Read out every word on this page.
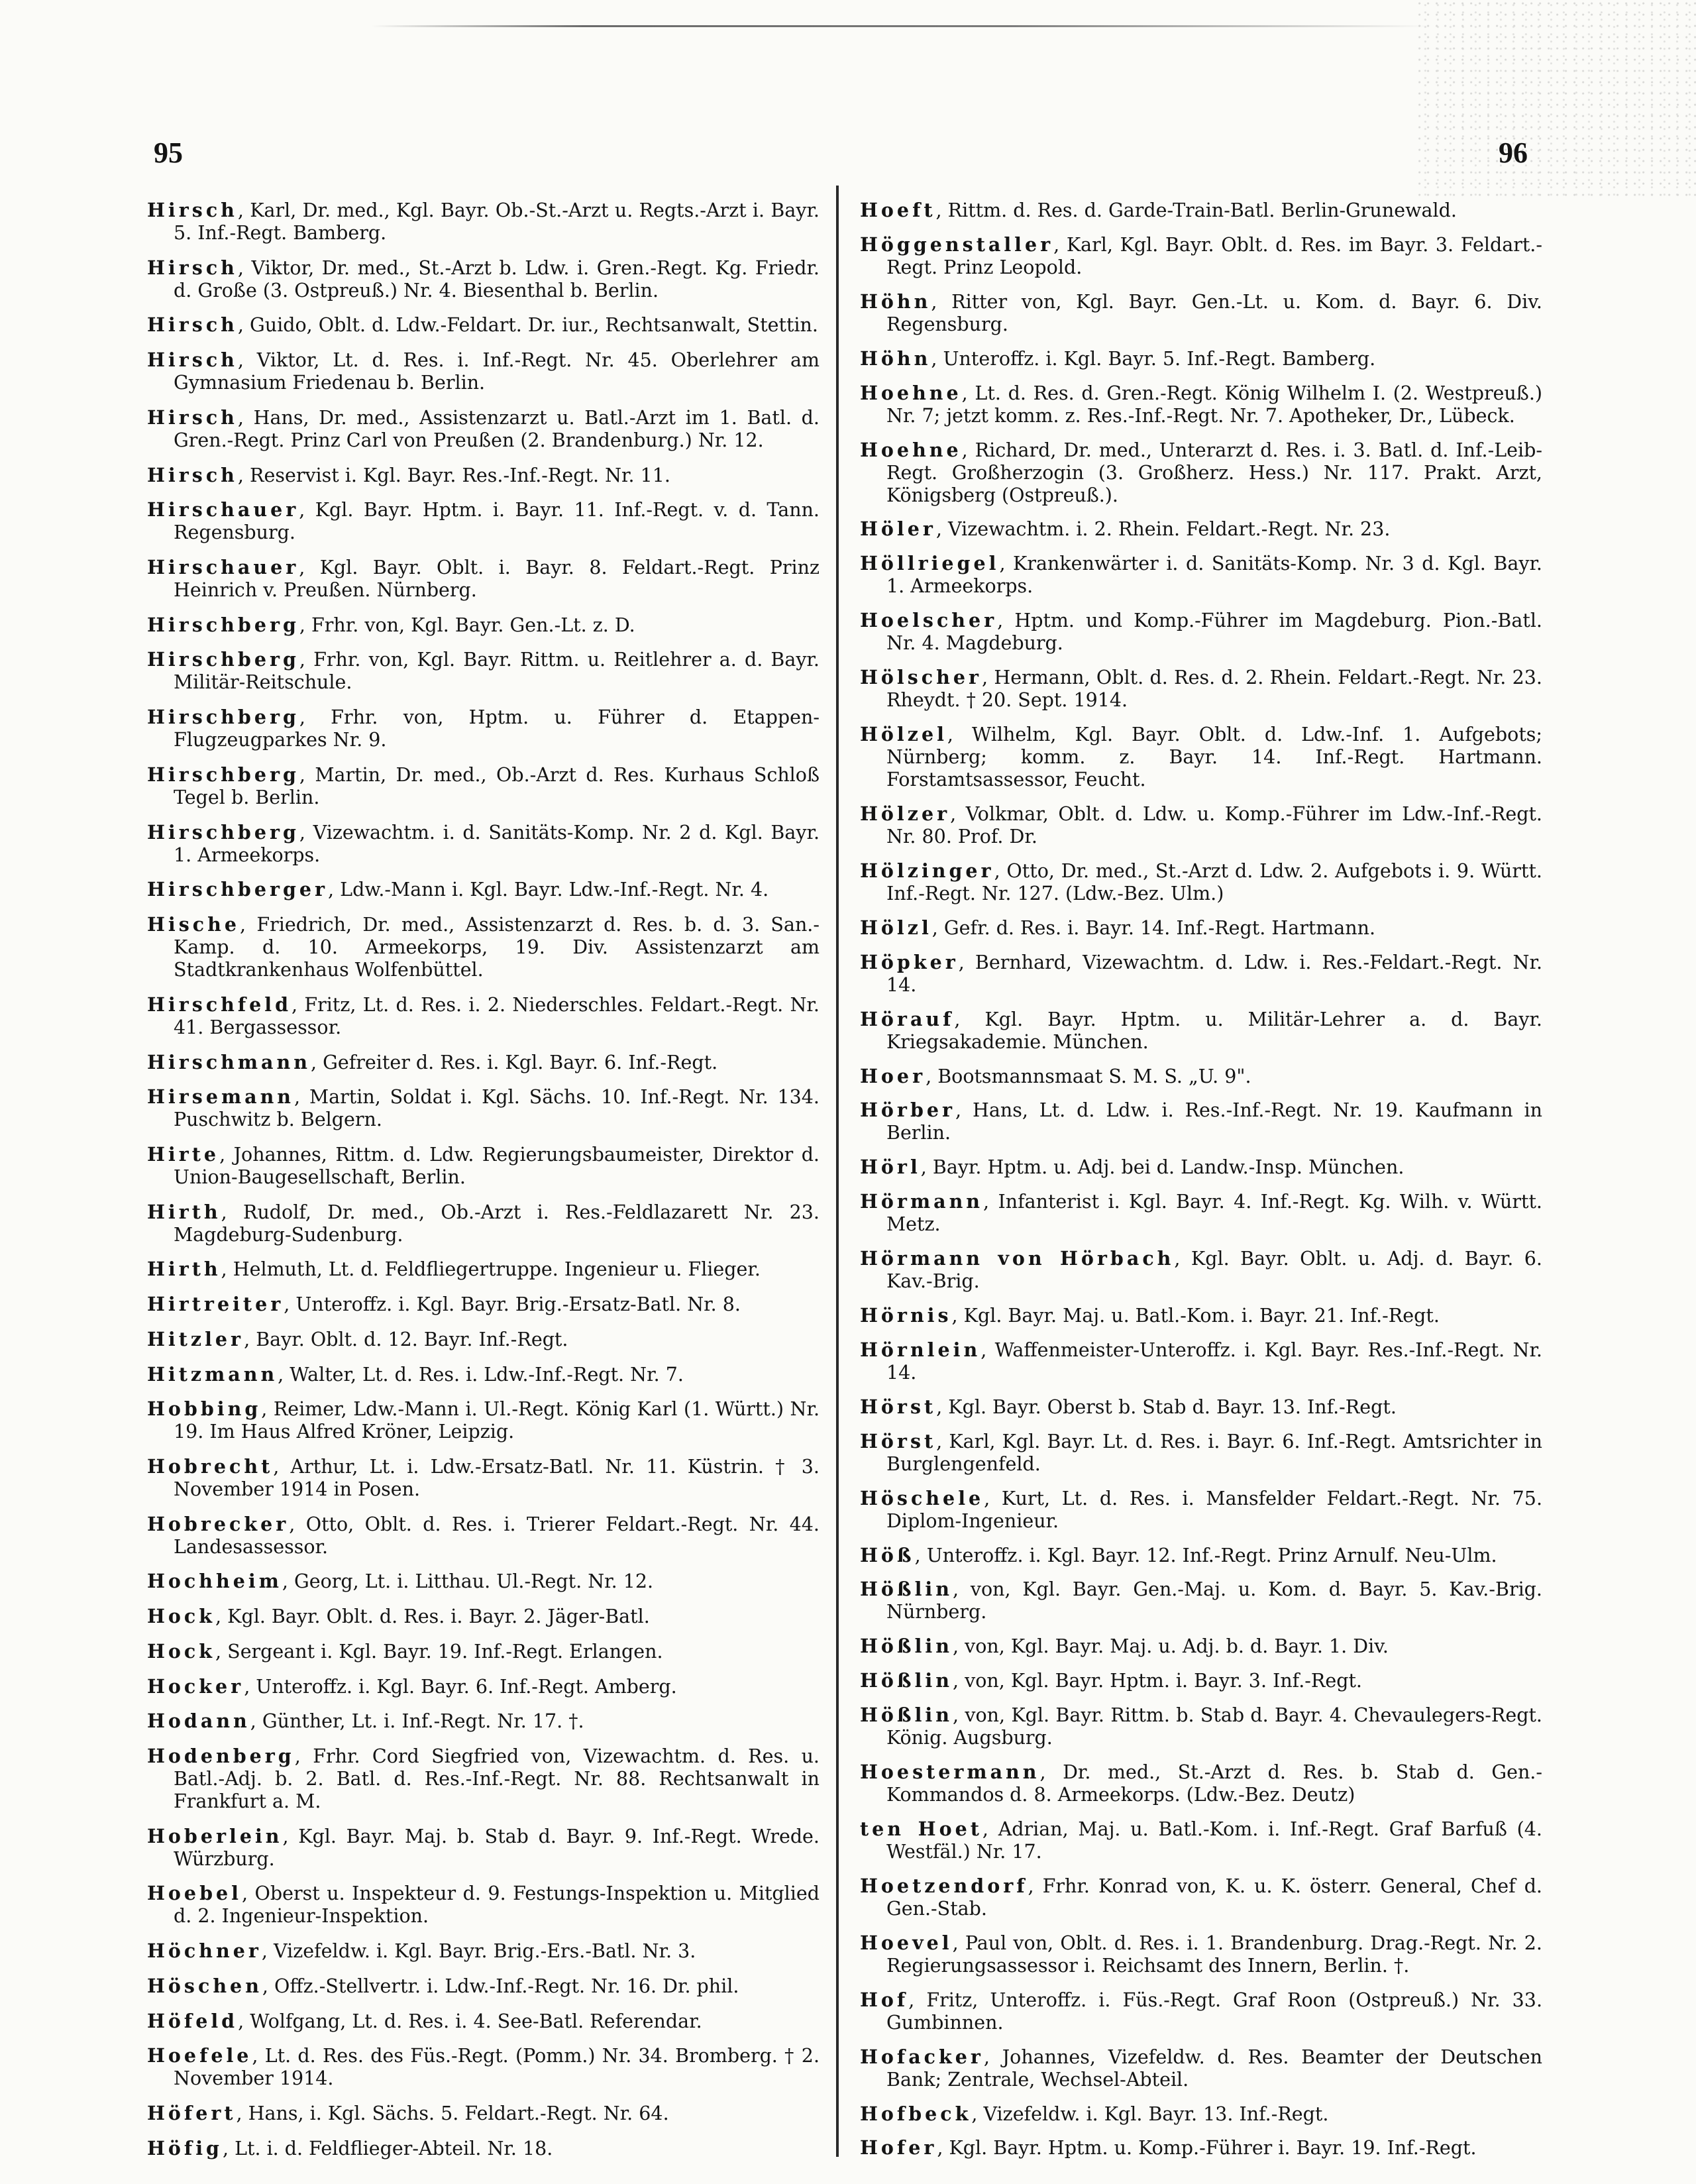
95	96

Hirsch, Karl, Dr. med., Kgl. Bayr. Ob.-St.-Arzt u. Regts.-Arzt i. Bayr. 5. Inf.-Regt. Bamberg.

Hirsch, Viktor, Dr. med., St.-Arzt b. Ldw. i. Gren.-Regt. Kg. Friedr. d. Große (3. Ostpreuß.) Nr. 4. Biesenthal b. Berlin.

Hirsch, Guido, Oblt. d. Ldw.-Feldart. Dr. iur., Rechtsanwalt, Stettin.

Hirsch, Viktor, Lt. d. Res. i. Inf.-Regt. Nr. 45. Oberlehrer am Gymnasium Friedenau b. Berlin.

Hirsch, Hans, Dr. med., Assistenzarzt u. Batl.-Arzt im 1. Batl. d. Gren.-Regt. Prinz Carl von Preußen (2. Brandenburg.) Nr. 12.

Hirsch, Reservist i. Kgl. Bayr. Res.-Inf.-Regt. Nr. 11.

Hirschauer, Kgl. Bayr. Hptm. i. Bayr. 11. Inf.-Regt. v. d. Tann. Regensburg.

Hirschauer, Kgl. Bayr. Oblt. i. Bayr. 8. Feldart.-Regt. Prinz Heinrich v. Preußen. Nürnberg.

Hirschberg, Frhr. von, Kgl. Bayr. Gen.-Lt. z. D.

Hirschberg, Frhr. von, Kgl. Bayr. Rittm. u. Reitlehrer a. d. Bayr. Militär-Reitschule.

Hirschberg, Frhr. von, Hptm. u. Führer d. Etappen-Flugzeugparkes Nr. 9.

Hirschberg, Martin, Dr. med., Ob.-Arzt d. Res. Kurhaus Schloß Tegel b. Berlin.

Hirschberg, Vizewachtm. i. d. Sanitäts-Komp. Nr. 2 d. Kgl. Bayr. 1. Armeekorps.

Hirschberger, Ldw.-Mann i. Kgl. Bayr. Ldw.-Inf.-Regt. Nr. 4.

Hische, Friedrich, Dr. med., Assistenzarzt d. Res. b. d. 3. San.-Kamp. d. 10. Armeekorps, 19. Div. Assistenzarzt am Stadtkrankenhaus Wolfenbüttel.

Hirschfeld, Fritz, Lt. d. Res. i. 2. Niederschles. Feldart.-Regt. Nr. 41. Bergassessor.

Hirschmann, Gefreiter d. Res. i. Kgl. Bayr. 6. Inf.-Regt.

Hirsemann, Martin, Soldat i. Kgl. Sächs. 10. Inf.-Regt. Nr. 134. Puschwitz b. Belgern.

Hirte, Johannes, Rittm. d. Ldw. Regierungsbaumeister, Direktor d. Union-Baugesellschaft, Berlin.

Hirth, Rudolf, Dr. med., Ob.-Arzt i. Res.-Feldlazarett Nr. 23. Magdeburg-Sudenburg.

Hirth, Helmuth, Lt. d. Feldfliegertruppe. Ingenieur u. Flieger.

Hirtreiter, Unteroffz. i. Kgl. Bayr. Brig.-Ersatz-Batl. Nr. 8.

Hitzler, Bayr. Oblt. d. 12. Bayr. Inf.-Regt.

Hitzmann, Walter, Lt. d. Res. i. Ldw.-Inf.-Regt. Nr. 7.

Hobbing, Reimer, Ldw.-Mann i. Ul.-Regt. König Karl (1. Württ.) Nr. 19. Im Haus Alfred Kröner, Leipzig.

Hobrecht, Arthur, Lt. i. Ldw.-Ersatz-Batl. Nr. 11. Küstrin. † 3. November 1914 in Posen.

Hobrecker, Otto, Oblt. d. Res. i. Trierer Feldart.-Regt. Nr. 44. Landesassessor.

Hochheim, Georg, Lt. i. Litthau. Ul.-Regt. Nr. 12.

Hock, Kgl. Bayr. Oblt. d. Res. i. Bayr. 2. Jäger-Batl.

Hock, Sergeant i. Kgl. Bayr. 19. Inf.-Regt. Erlangen.

Hocker, Unteroffz. i. Kgl. Bayr. 6. Inf.-Regt. Amberg.

Hodann, Günther, Lt. i. Inf.-Regt. Nr. 17. †.

Hodenberg, Frhr. Cord Siegfried von, Vizewachtm. d. Res. u. Batl.-Adj. b. 2. Batl. d. Res.-Inf.-Regt. Nr. 88. Rechtsanwalt in Frankfurt a. M.

Hoberlein, Kgl. Bayr. Maj. b. Stab d. Bayr. 9. Inf.-Regt. Wrede. Würzburg.

Hoebel, Oberst u. Inspekteur d. 9. Festungs-Inspektion u. Mitglied d. 2. Ingenieur-Inspektion.

Höchner, Vizefeldw. i. Kgl. Bayr. Brig.-Ers.-Batl. Nr. 3.

Höschen, Offz.-Stellvertr. i. Ldw.-Inf.-Regt. Nr. 16. Dr. phil.

Höfeld, Wolfgang, Lt. d. Res. i. 4. See-Batl. Referendar.

Hoefele, Lt. d. Res. des Füs.-Regt. (Pomm.) Nr. 34. Bromberg. † 2. November 1914.

Höfert, Hans, i. Kgl. Sächs. 5. Feldart.-Regt. Nr. 64.

Höfig, Lt. i. d. Feldflieger-Abteil. Nr. 18.

Hoeft, Rittm. d. Res. d. Garde-Train-Batl. Berlin-Grunewald.

Höggenstaller, Karl, Kgl. Bayr. Oblt. d. Res. im Bayr. 3. Feldart.-Regt. Prinz Leopold.

Höhn, Ritter von, Kgl. Bayr. Gen.-Lt. u. Kom. d. Bayr. 6. Div. Regensburg.

Höhn, Unteroffz. i. Kgl. Bayr. 5. Inf.-Regt. Bamberg.

Hoehne, Lt. d. Res. d. Gren.-Regt. König Wilhelm I. (2. Westpreuß.) Nr. 7; jetzt komm. z. Res.-Inf.-Regt. Nr. 7. Apotheker, Dr., Lübeck.

Hoehne, Richard, Dr. med., Unterarzt d. Res. i. 3. Batl. d. Inf.-Leib-Regt. Großherzogin (3. Großherz. Hess.) Nr. 117. Prakt. Arzt, Königsberg (Ostpreuß.).

Höler, Vizewachtm. i. 2. Rhein. Feldart.-Regt. Nr. 23.

Höllriegel, Krankenwärter i. d. Sanitäts-Komp. Nr. 3 d. Kgl. Bayr. 1. Armeekorps.

Hoelscher, Hptm. und Komp.-Führer im Magdeburg. Pion.-Batl. Nr. 4. Magdeburg.

Hölscher, Hermann, Oblt. d. Res. d. 2. Rhein. Feldart.-Regt. Nr. 23. Rheydt. † 20. Sept. 1914.

Hölzel, Wilhelm, Kgl. Bayr. Oblt. d. Ldw.-Inf. 1. Aufgebots; Nürnberg; komm. z. Bayr. 14. Inf.-Regt. Hartmann. Forstamtsassessor, Feucht.

Hölzer, Volkmar, Oblt. d. Ldw. u. Komp.-Führer im Ldw.-Inf.-Regt. Nr. 80. Prof. Dr.

Hölzinger, Otto, Dr. med., St.-Arzt d. Ldw. 2. Aufgebots i. 9. Württ. Inf.-Regt. Nr. 127. (Ldw.-Bez. Ulm.)

Hölzl, Gefr. d. Res. i. Bayr. 14. Inf.-Regt. Hartmann.

Höpker, Bernhard, Vizewachtm. d. Ldw. i. Res.-Feldart.-Regt. Nr. 14.

Hörauf, Kgl. Bayr. Hptm. u. Militär-Lehrer a. d. Bayr. Kriegsakademie. München.

Hoer, Bootsmannsmaat S. M. S. „U. 9".

Hörber, Hans, Lt. d. Ldw. i. Res.-Inf.-Regt. Nr. 19. Kaufmann in Berlin.

Hörl, Bayr. Hptm. u. Adj. bei d. Landw.-Insp. München.

Hörmann, Infanterist i. Kgl. Bayr. 4. Inf.-Regt. Kg. Wilh. v. Württ. Metz.

Hörmann von Hörbach, Kgl. Bayr. Oblt. u. Adj. d. Bayr. 6. Kav.-Brig.

Hörnis, Kgl. Bayr. Maj. u. Batl.-Kom. i. Bayr. 21. Inf.-Regt.

Hörnlein, Waffenmeister-Unteroffz. i. Kgl. Bayr. Res.-Inf.-Regt. Nr. 14.

Hörst, Kgl. Bayr. Oberst b. Stab d. Bayr. 13. Inf.-Regt.

Hörst, Karl, Kgl. Bayr. Lt. d. Res. i. Bayr. 6. Inf.-Regt. Amtsrichter in Burglengenfeld.

Höschele, Kurt, Lt. d. Res. i. Mansfelder Feldart.-Regt. Nr. 75. Diplom-Ingenieur.

Höß, Unteroffz. i. Kgl. Bayr. 12. Inf.-Regt. Prinz Arnulf. Neu-Ulm.

Hößlin, von, Kgl. Bayr. Gen.-Maj. u. Kom. d. Bayr. 5. Kav.-Brig. Nürnberg.

Hößlin, von, Kgl. Bayr. Maj. u. Adj. b. d. Bayr. 1. Div.

Hößlin, von, Kgl. Bayr. Hptm. i. Bayr. 3. Inf.-Regt.

Hößlin, von, Kgl. Bayr. Rittm. b. Stab d. Bayr. 4. Chevaulegers-Regt. König. Augsburg.

Hoestermann, Dr. med., St.-Arzt d. Res. b. Stab d. Gen.-Kommandos d. 8. Armeekorps. (Ldw.-Bez. Deutz)

ten Hoet, Adrian, Maj. u. Batl.-Kom. i. Inf.-Regt. Graf Barfuß (4. Westfäl.) Nr. 17.

Hoetzendorf, Frhr. Konrad von, K. u. K. österr. General, Chef d. Gen.-Stab.

Hoevel, Paul von, Oblt. d. Res. i. 1. Brandenburg. Drag.-Regt. Nr. 2. Regierungsassessor i. Reichsamt des Innern, Berlin. †.

Hof, Fritz, Unteroffz. i. Füs.-Regt. Graf Roon (Ostpreuß.) Nr. 33. Gumbinnen.

Hofacker, Johannes, Vizefeldw. d. Res. Beamter der Deutschen Bank; Zentrale, Wechsel-Abteil.

Hofbeck, Vizefeldw. i. Kgl. Bayr. 13. Inf.-Regt.

Hofer, Kgl. Bayr. Hptm. u. Komp.-Führer i. Bayr. 19. Inf.-Regt.
